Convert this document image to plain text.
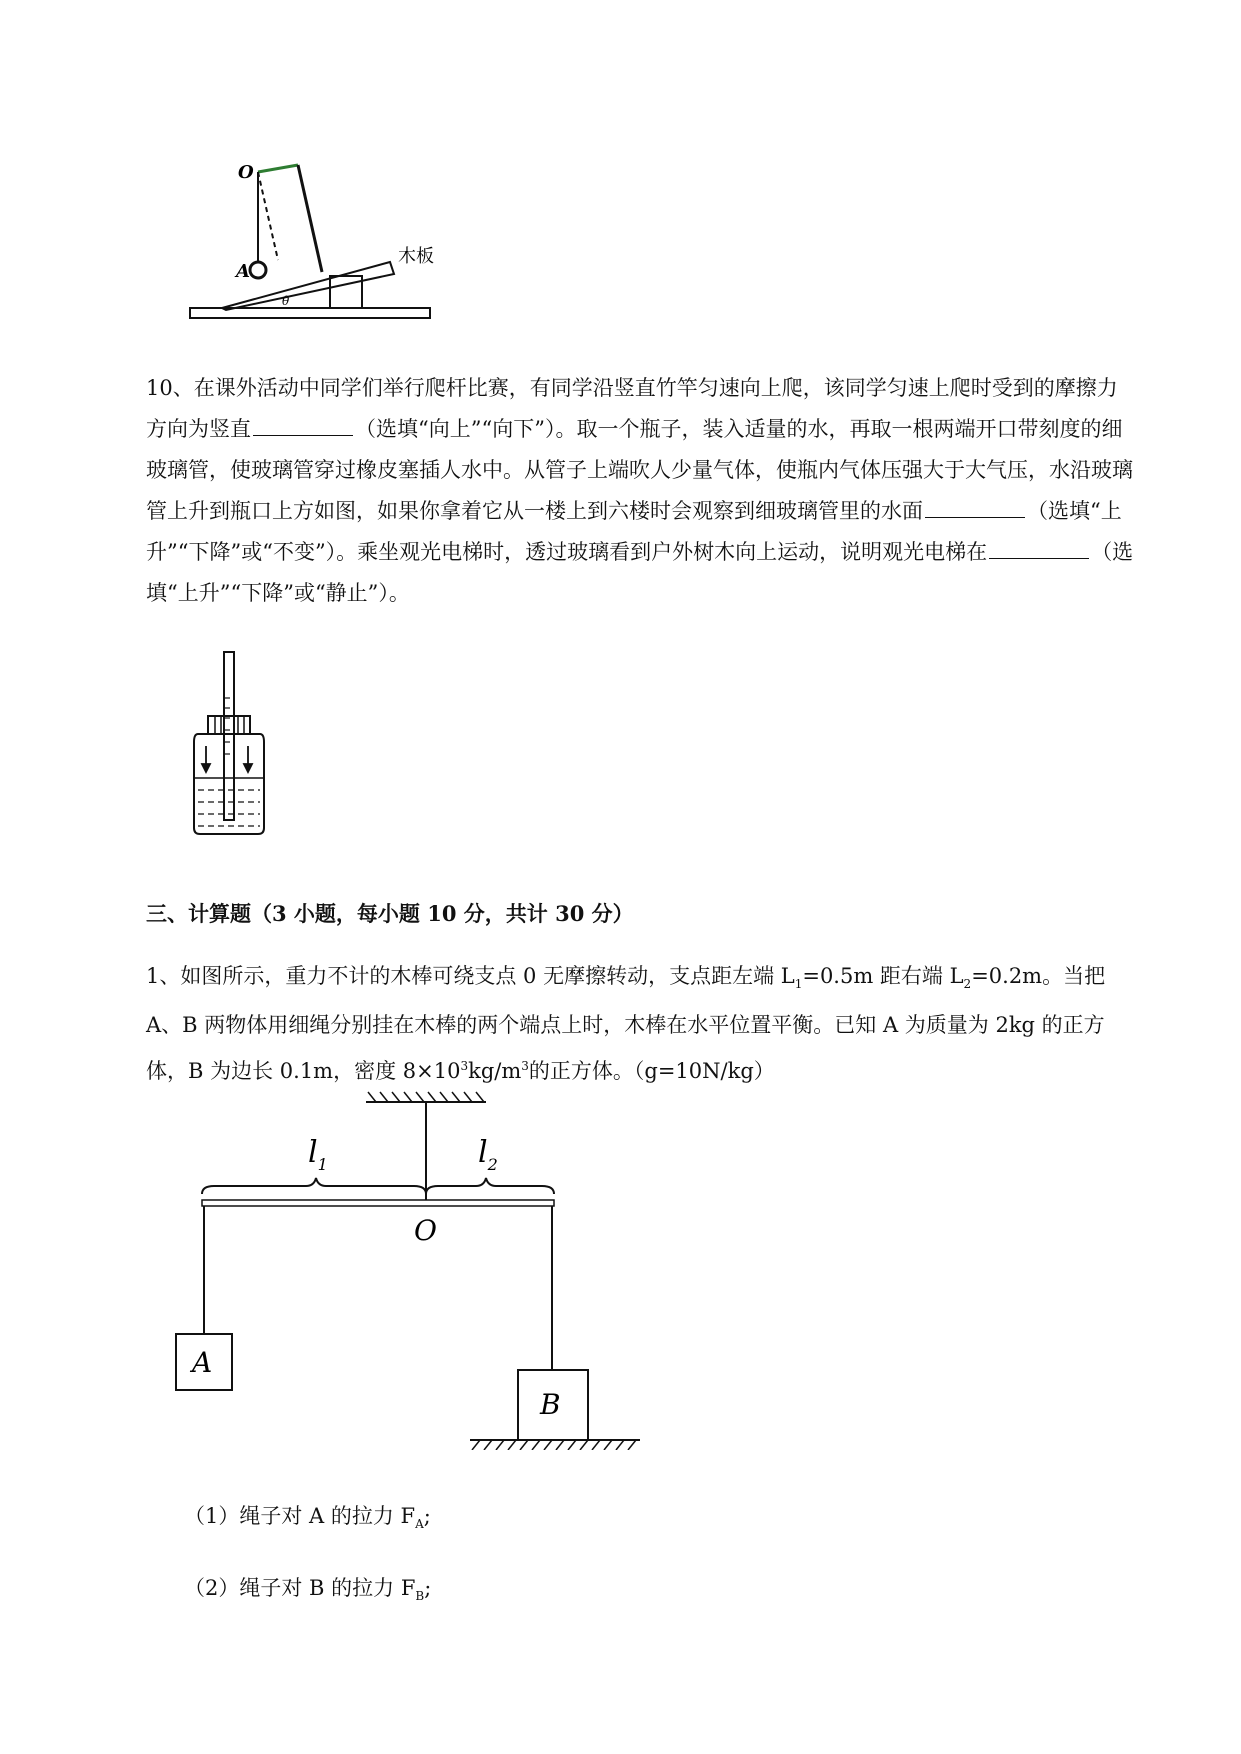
O
A
木板
θ
10、在课外活动中同学们举行爬杆比赛，有同学沿竖直竹竿匀速向上爬，该同学匀速上爬时受到的摩擦力方向为竖直	（选填“向上”“向下”）。取一个瓶子，装入适量的水，再取一根两端开口带刻度的细玻璃管，使玻璃管穿过橡皮塞插人水中。从管子上端吹人少量气体，使瓶内气体压强大于大气压，水沿玻璃管上升到瓶口上方如图，如果你拿着它从一楼上到六楼时会观察到细玻璃管里的水面	（选填“上升”“下降”或“不变”）。乘坐观光电梯时，透过玻璃看到户外树木向上运动，说明观光电梯在	（选填“上升”“下降”或“静止”）。
三、计算题（3 小题，每小题 10 分，共计 30 分）
1、如图所示，重力不计的木棒可绕支点 0 无摩擦转动，支点距左端 $L_1=0.5m$ 距右端 $L_2=0.2m$。当把 A、B 两物体用细绳分别挂在木棒的两个端点上时，木棒在水平位置平衡。已知 A 为质量为 2kg 的正方体，B 为边长 0.1m，密度 $8\times 10^3kg/m^3$的正方体。（g=10N/kg）
$l_1$	$l_2$
O
A
B
（1）绳子对 A 的拉力 $F_A$;
（2）绳子对 B 的拉力 $F_B$;
